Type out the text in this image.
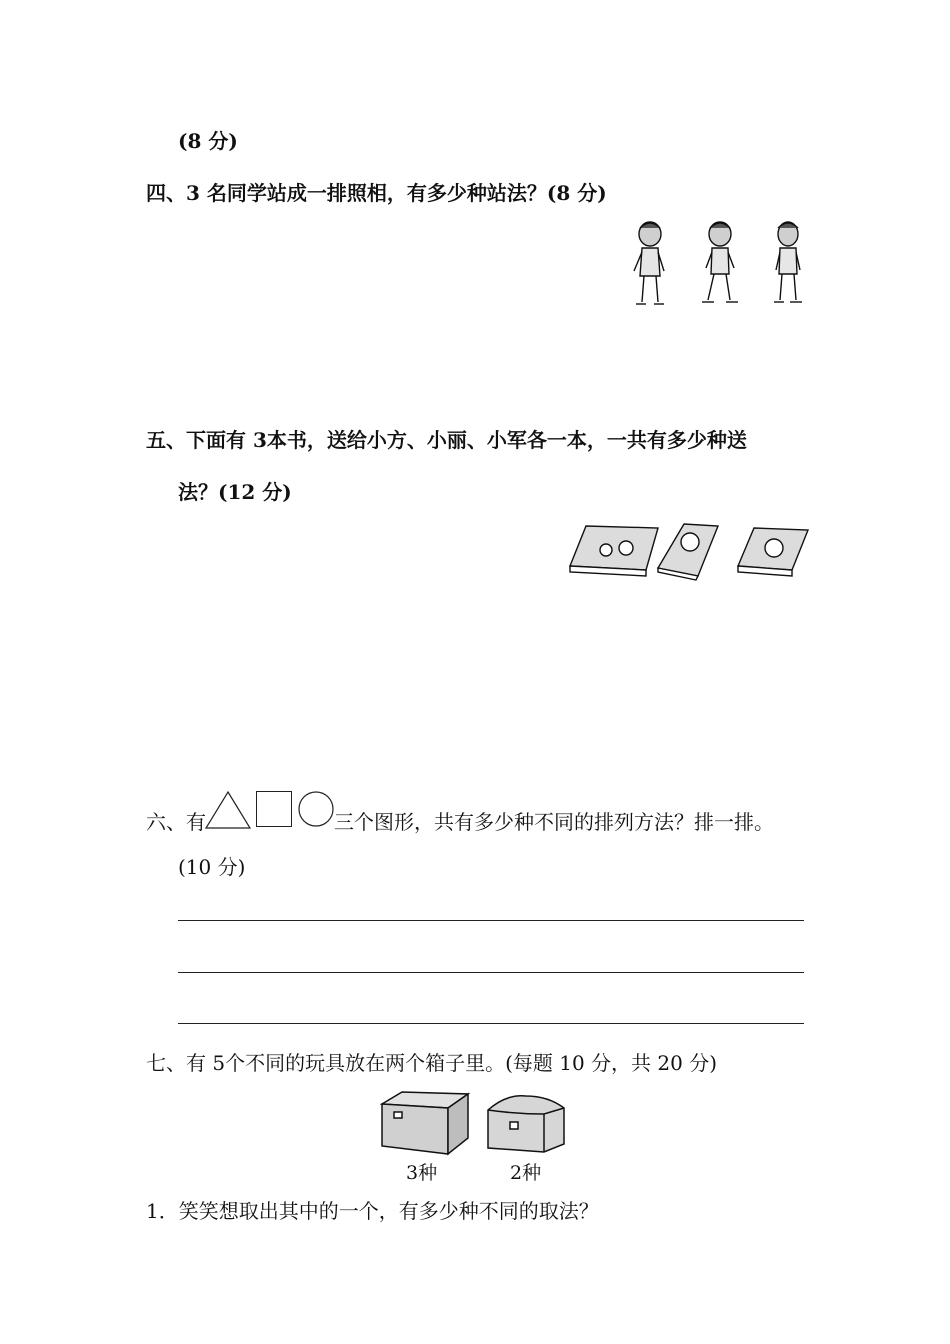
(8 分)
四、3 名同学站成一排照相，有多少种站法？(8 分)
五、下面有 3本书，送给小方、小丽、小军各一本，一共有多少种送
法？(12 分)
六、有	三个图形，共有多少种不同的排列方法？排一排。
(10 分)
七、有 5个不同的玩具放在两个箱子里。(每题 10 分，共 20 分)
3种	2种
1．笑笑想取出其中的一个，有多少种不同的取法？
